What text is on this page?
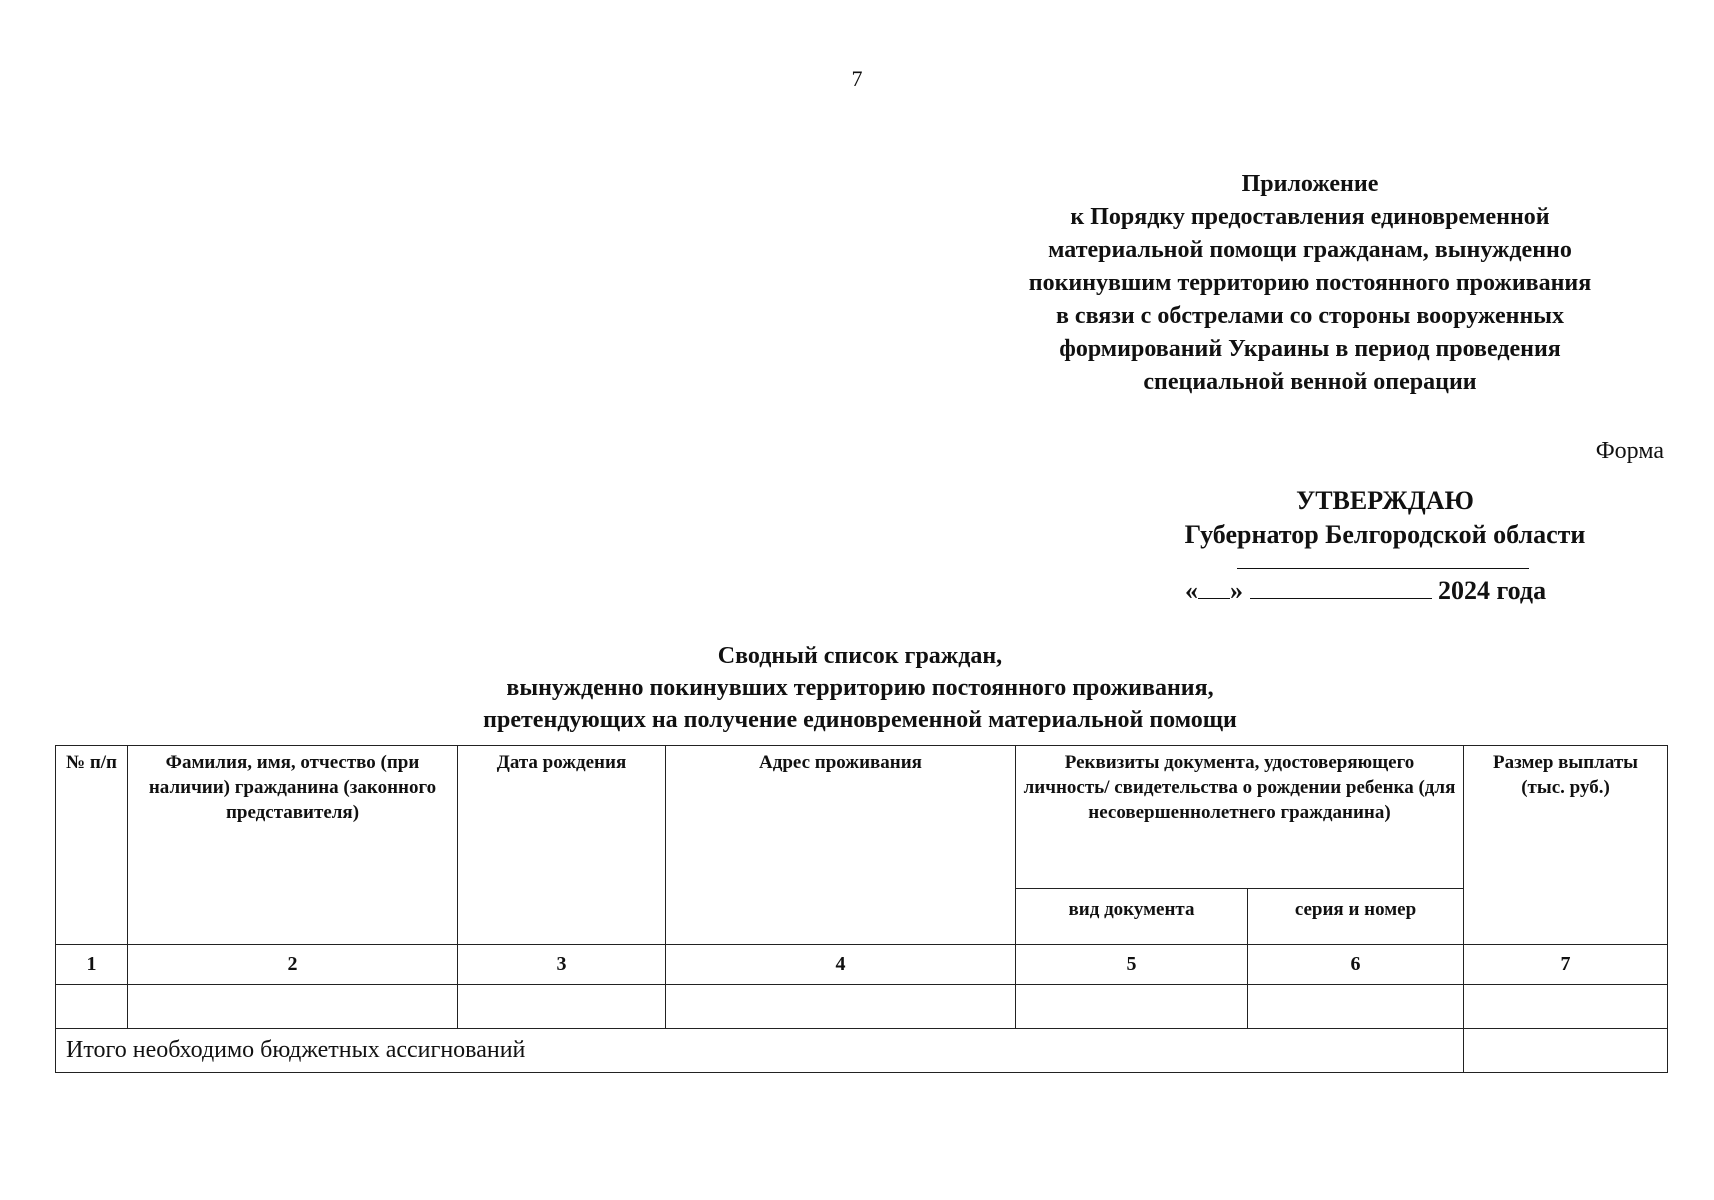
7
Приложение
к Порядку предоставления единовременной
материальной помощи гражданам, вынужденно
покинувшим территорию постоянного проживания
в связи с обстрелами со стороны вооруженных
формирований Украины в период проведения
специальной венной операции
Форма
УТВЕРЖДАЮ
Губернатор Белгородской области
« »	2024 года
Сводный список граждан,
вынужденно покинувших территорию постоянного проживания,
претендующих на получение единовременной материальной помощи
№ п/п	Фамилия, имя, отчество (при наличии) гражданина (законного представителя)	Дата рождения	Адрес проживания	Реквизиты документа, удостоверяющего личность/ свидетельства о рождении ребенка (для несовершеннолетнего гражданина)		Размер выплаты (тыс. руб.)
				вид документа	серия и номер	
1	2	3	4	5	6	7

Итого необходимо бюджетных ассигнований						
